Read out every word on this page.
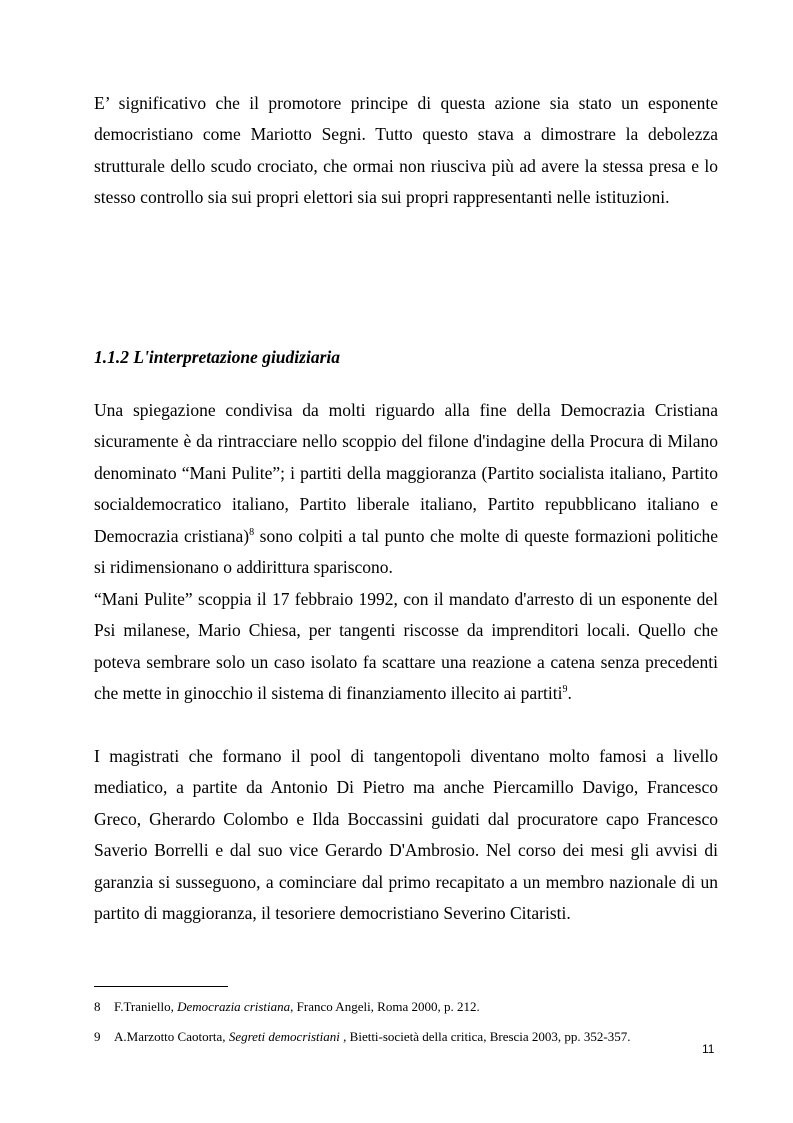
E’ significativo che il promotore principe di questa azione sia stato un esponente democristiano come Mariotto Segni. Tutto questo stava a dimostrare la debolezza strutturale dello scudo crociato, che ormai non riusciva più ad avere la stessa presa e lo stesso controllo sia sui propri elettori sia sui propri rappresentanti nelle istituzioni.

1.1.2 L'interpretazione giudiziaria

Una spiegazione condivisa da molti riguardo alla fine della Democrazia Cristiana sicuramente è da rintracciare nello scoppio del filone d'indagine della Procura di Milano denominato “Mani Pulite”; i partiti della maggioranza (Partito socialista italiano, Partito socialdemocratico italiano, Partito liberale italiano, Partito repubblicano italiano e Democrazia cristiana)$^8$ sono colpiti a tal punto che molte di queste formazioni politiche si ridimensionano o addirittura spariscono.

“Mani Pulite” scoppia il 17 febbraio 1992, con il mandato d'arresto di un esponente del Psi milanese, Mario Chiesa, per tangenti riscosse da imprenditori locali. Quello che poteva sembrare solo un caso isolato fa scattare una reazione a catena senza precedenti che mette in ginocchio il sistema di finanziamento illecito ai partiti$^9$.

I magistrati che formano il pool di tangentopoli diventano molto famosi a livello mediatico, a partite da Antonio Di Pietro ma anche Piercamillo Davigo, Francesco Greco, Gherardo Colombo e Ilda Boccassini guidati dal procuratore capo Francesco Saverio Borrelli e dal suo vice Gerardo D'Ambrosio. Nel corso dei mesi gli avvisi di garanzia si susseguono, a cominciare dal primo recapitato a un membro nazionale di un partito di maggioranza, il tesoriere democristiano Severino Citaristi.

8 F.Traniello, Democrazia cristiana, Franco Angeli, Roma 2000, p. 212.

9 A.Marzotto Caotorta, Segreti democristiani , Bietti-società della critica, Brescia 2003, pp. 352-357.

11
